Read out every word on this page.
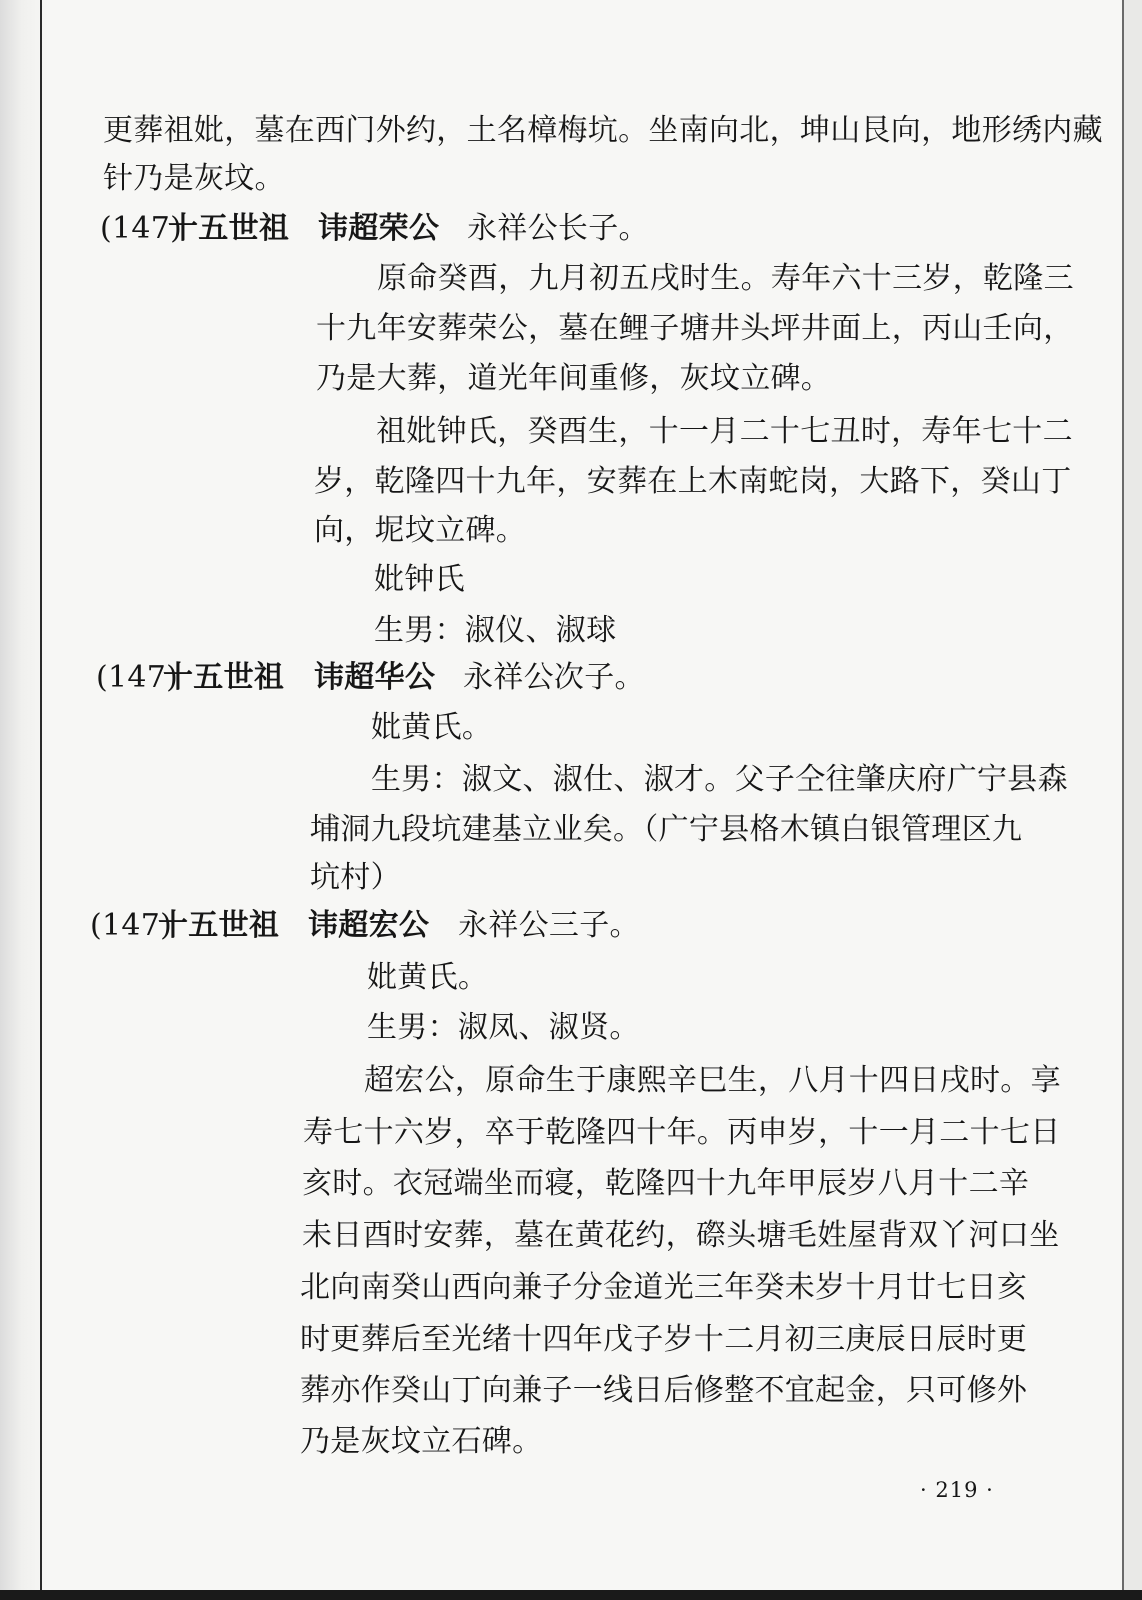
更葬祖妣，墓在西门外约，土名樟梅坑。坐南向北，坤山艮向，地形绣内藏

针乃是灰坟。

(147)

十五世祖 讳超荣公 永祥公长子。

原命癸酉，九月初五戌时生。寿年六十三岁，乾隆三

十九年安葬荣公，墓在鲤子塘井头坪井面上，丙山壬向，

乃是大葬，道光年间重修，灰坟立碑。

祖妣钟氏，癸酉生，十一月二十七丑时，寿年七十二

岁，乾隆四十九年，安葬在上木南蛇岗，大路下，癸山丁

向，坭坟立碑。

妣钟氏

生男：淑仪、淑球

(147)

十五世祖 讳超华公 永祥公次子。

妣黄氏。

生男：淑文、淑仕、淑才。父子仝往肇庆府广宁县森

埔洞九段坑建基立业矣。（广宁县格木镇白银管理区九

坑村）

(147)

十五世祖 讳超宏公 永祥公三子。

妣黄氏。

生男：淑凤、淑贤。

超宏公，原命生于康熙辛巳生，八月十四日戌时。享

寿七十六岁，卒于乾隆四十年。丙申岁，十一月二十七日

亥时。衣冠端坐而寝，乾隆四十九年甲辰岁八月十二辛

未日酉时安葬，墓在黄花约，磜头塘毛姓屋背双丫河口坐

北向南癸山西向兼子分金道光三年癸未岁十月廿七日亥

时更葬后至光绪十四年戊子岁十二月初三庚辰日辰时更

葬亦作癸山丁向兼子一线日后修整不宜起金，只可修外

乃是灰坟立石碑。

· 219 ·
